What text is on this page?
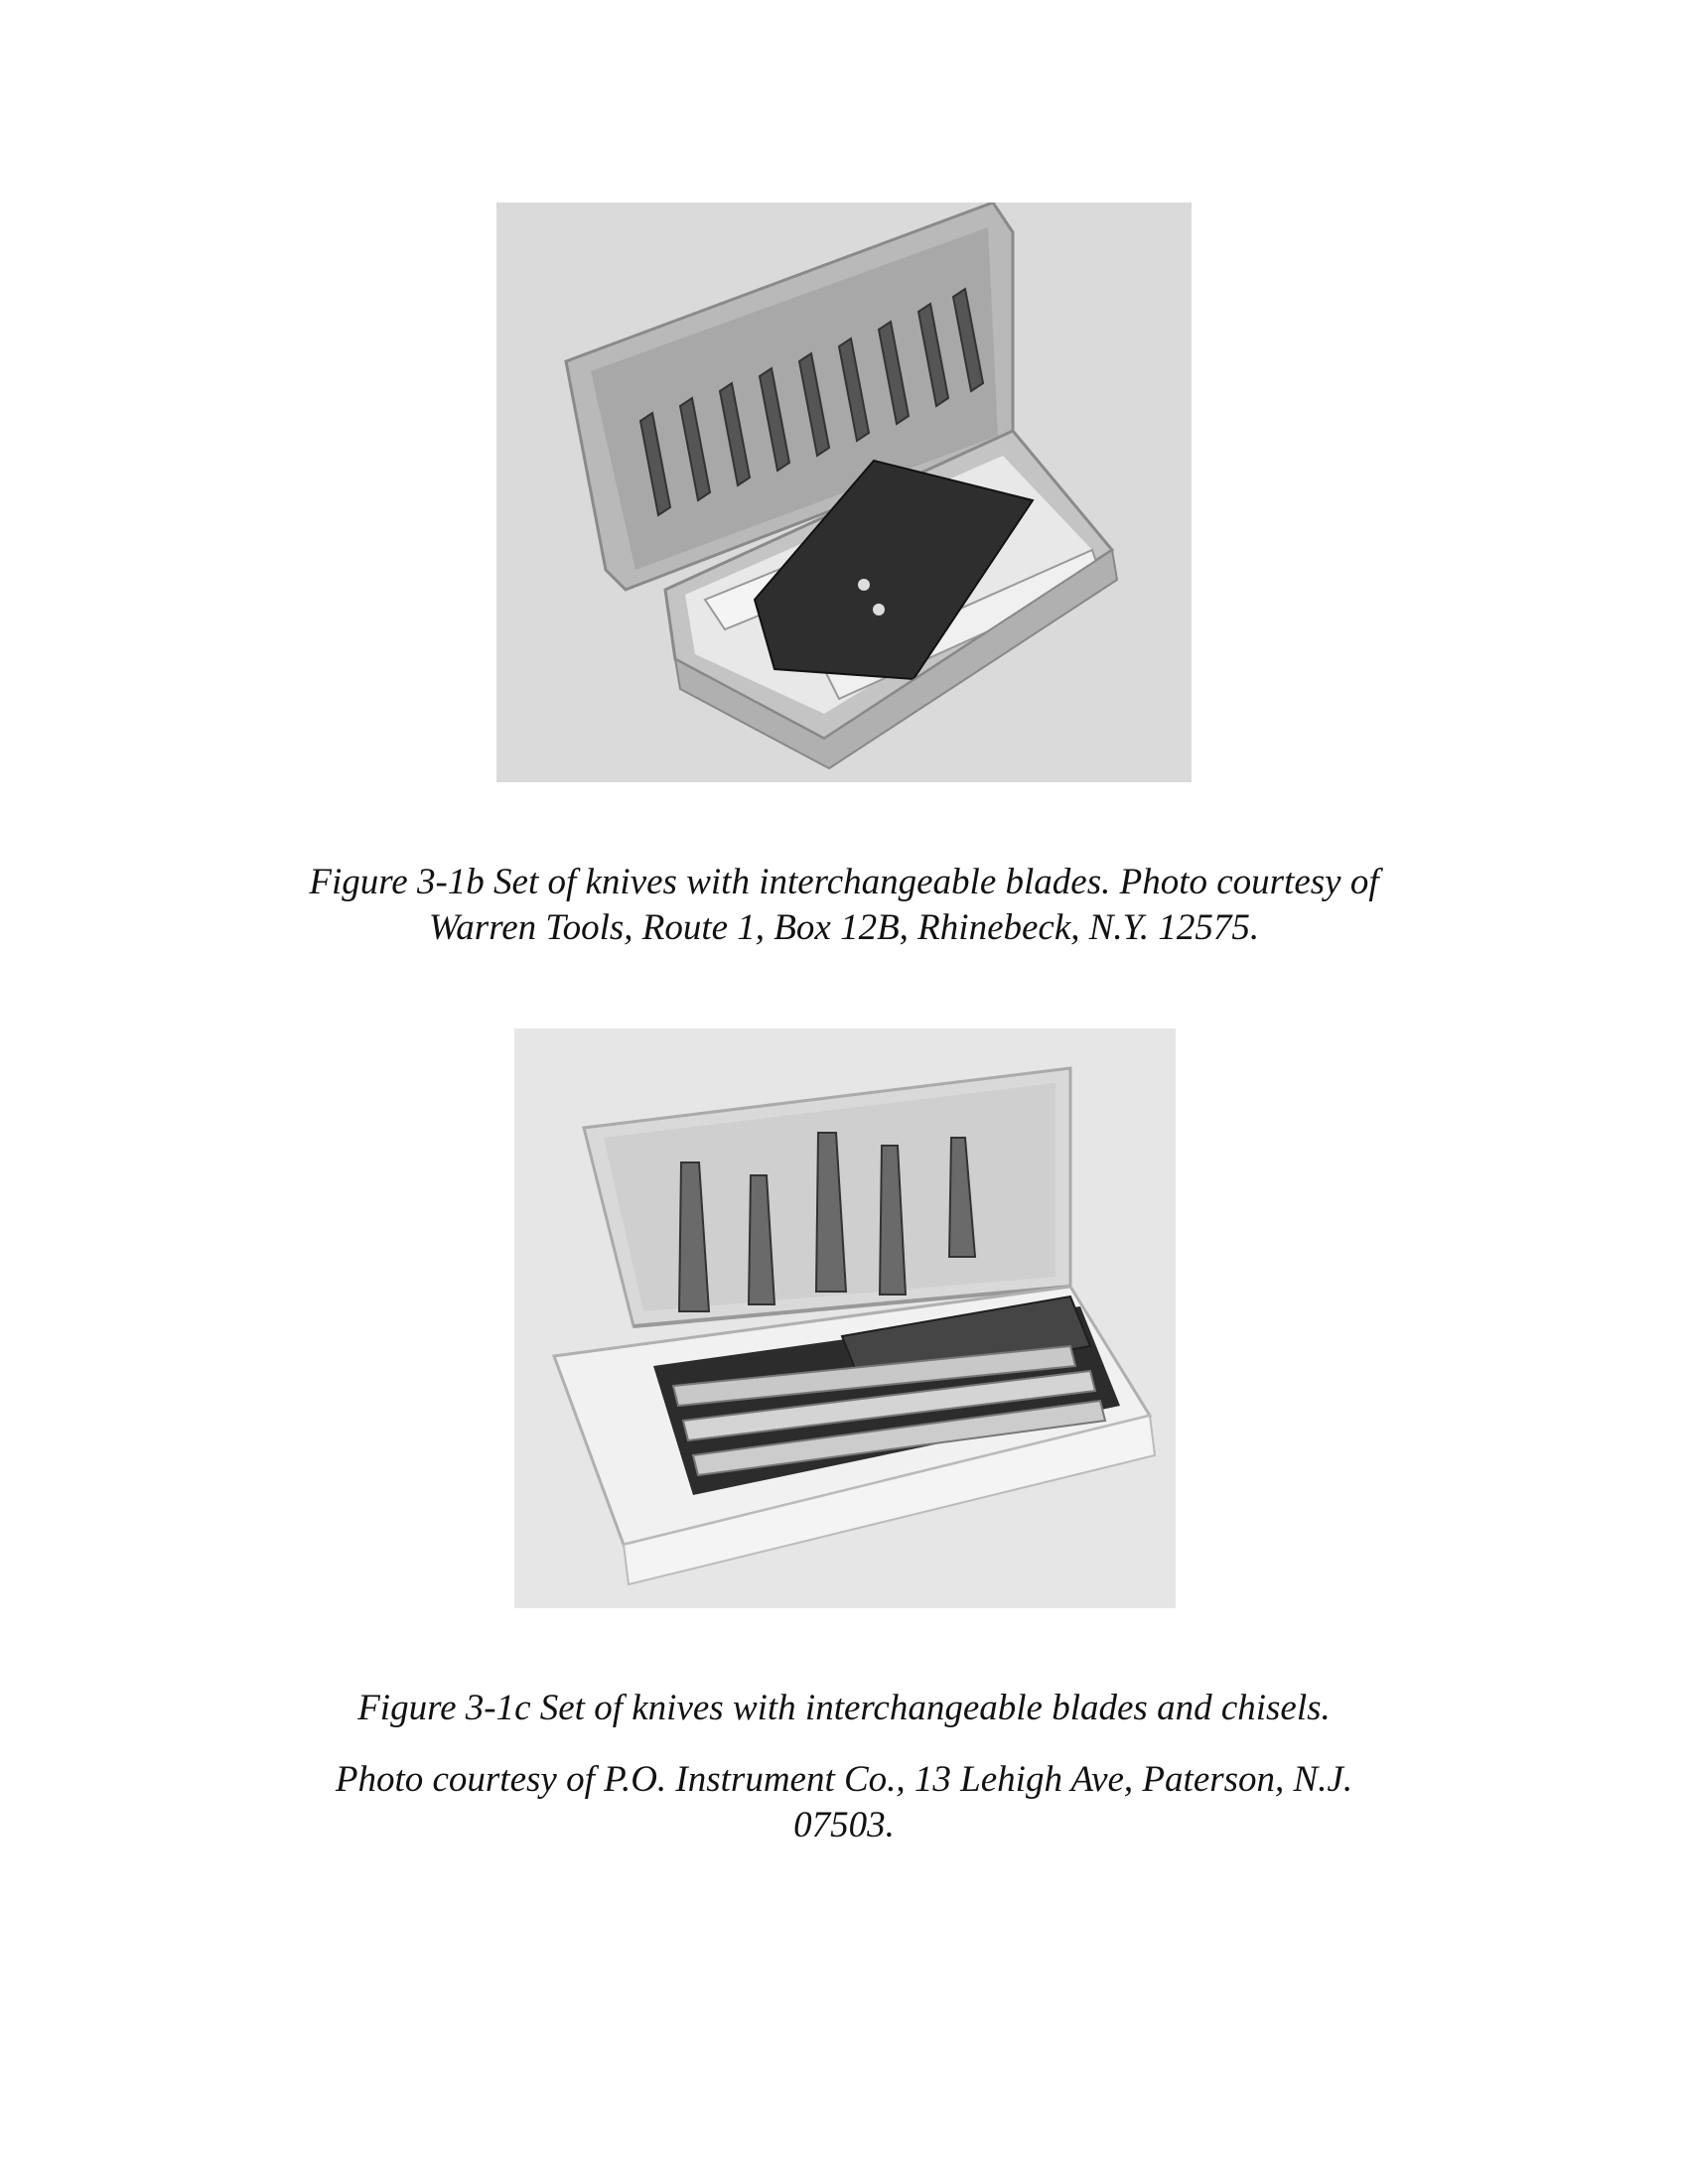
Figure 3-1b Set of knives with interchangeable blades. Photo courtesy of
Warren Tools, Route 1, Box 12B, Rhinebeck, N.Y. 12575.
Figure 3-1c Set of knives with interchangeable blades and chisels.
Photo courtesy of P.O. Instrument Co., 13 Lehigh Ave, Paterson, N.J.
07503.
